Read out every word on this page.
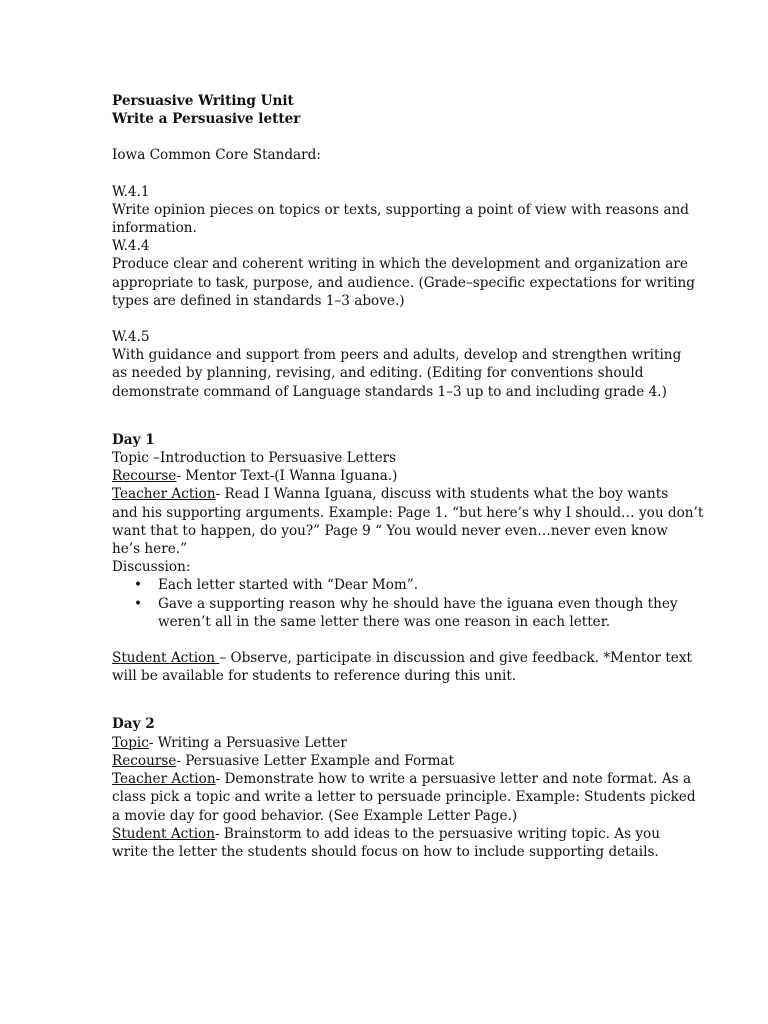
Persuasive Writing Unit
Write a Persuasive letter
Iowa Common Core Standard:
W.4.1
Write opinion pieces on topics or texts, supporting a point of view with reasons and
information.
W.4.4
Produce clear and coherent writing in which the development and organization are
appropriate to task, purpose, and audience. (Grade–specific expectations for writing
types are defined in standards 1–3 above.)
W.4.5
With guidance and support from peers and adults, develop and strengthen writing
as needed by planning, revising, and editing. (Editing for conventions should
demonstrate command of Language standards 1–3 up to and including grade 4.)
Day 1
Topic –Introduction to Persuasive Letters
Recourse- Mentor Text-(I Wanna Iguana.)
Teacher Action- Read I Wanna Iguana, discuss with students what the boy wants
and his supporting arguments. Example: Page 1. “but here’s why I should… you don’t
want that to happen, do you?” Page 9 “ You would never even…never even know
he’s here.”
Discussion:
• Each letter started with “Dear Mom”.
• Gave a supporting reason why he should have the iguana even though they
weren’t all in the same letter there was one reason in each letter.
Student Action – Observe, participate in discussion and give feedback. *Mentor text
will be available for students to reference during this unit.
Day 2
Topic- Writing a Persuasive Letter
Recourse- Persuasive Letter Example and Format
Teacher Action- Demonstrate how to write a persuasive letter and note format. As a
class pick a topic and write a letter to persuade principle. Example: Students picked
a movie day for good behavior. (See Example Letter Page.)
Student Action- Brainstorm to add ideas to the persuasive writing topic. As you
write the letter the students should focus on how to include supporting details.
